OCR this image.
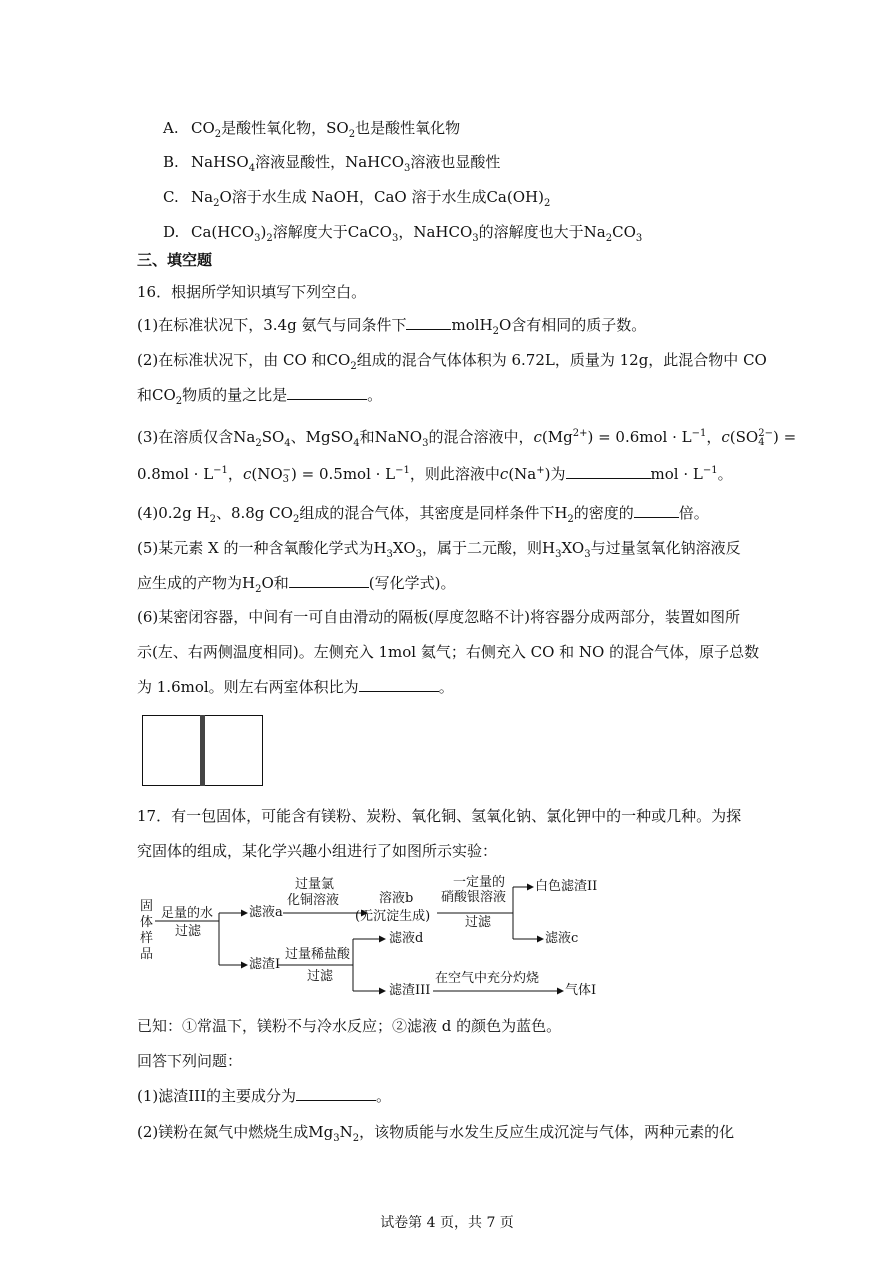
A. $CO_2$是酸性氧化物，$SO_2$也是酸性氧化物
B. NaHSO$_4$溶液显酸性，NaHCO$_3$溶液也显酸性
C. $Na_2O$溶于水生成 NaOH，CaO 溶于水生成$Ca(OH)_2$
D. $Ca(HCO_3)_2$溶解度大于CaCO$_3$，NaHCO$_3$的溶解度也大于$Na_2CO_3$
三、填空题
16．根据所学知识填写下列空白。
(1)在标准状况下，3.4g 氨气与同条件下	molH$_2$O含有相同的质子数。
(2)在标准状况下，由 CO 和$CO_2$组成的混合气体体积为 6.72L，质量为 12g，此混合物中 CO
和$CO_2$物质的量之比是	。
(3)在溶质仅含$Na_2SO_4$、MgSO$_4$和NaNO$_3$的混合溶液中，$c(Mg^{2+}) = 0.6mol \cdot L^{-1}$，c(SO2−
4 ) =
$0.8mol \cdot L^{-1}$，c(NO−
3 ) = $0.5mol \cdot L^{-1}$，则此溶液中c(Na+)为	mol · $L^{-1}$。
(4)0.2g $H_2$、8.8g $CO_2$组成的混合气体，其密度是同样条件下$H_2$的密度的	倍。
(5)某元素 X 的一种含氧酸化学式为$H_3XO_3$，属于二元酸，则$H_3XO_3$与过量氢氧化钠溶液反
应生成的产物为$H_2O$和	(写化学式)。
(6)某密闭容器，中间有一可自由滑动的隔板(厚度忽略不计)将容器分成两部分，装置如图所
示(左、右两侧温度相同)。左侧充入 1mol 氦气；右侧充入 CO 和 NO 的混合气体，原子总数
为 1.6mol。则左右两室体积比为	。
17．有一包固体，可能含有镁粉、炭粉、氧化铜、氢氧化钠、氯化钾中的一种或几种。为探
究固体的组成，某化学兴趣小组进行了如图所示实验：
固
体
样
品
足量的水
过滤
滤液a
过量氯
化铜溶液	溶液b
(无沉淀生成)
一定量的
硝酸银溶液
过滤
白色滤渣II
滤液c
滤渣I
过量稀盐酸
过滤
滤液d
滤渣III
在空气中充分灼烧
气体I
已知：①常温下，镁粉不与冷水反应；②滤液 d 的颜色为蓝色。
回答下列问题：
(1)滤渣III的主要成分为	。
(2)镁粉在氮气中燃烧生成$Mg_3N_2$，该物质能与水发生反应生成沉淀与气体，两种元素的化
试卷第 4 页，共 7 页
